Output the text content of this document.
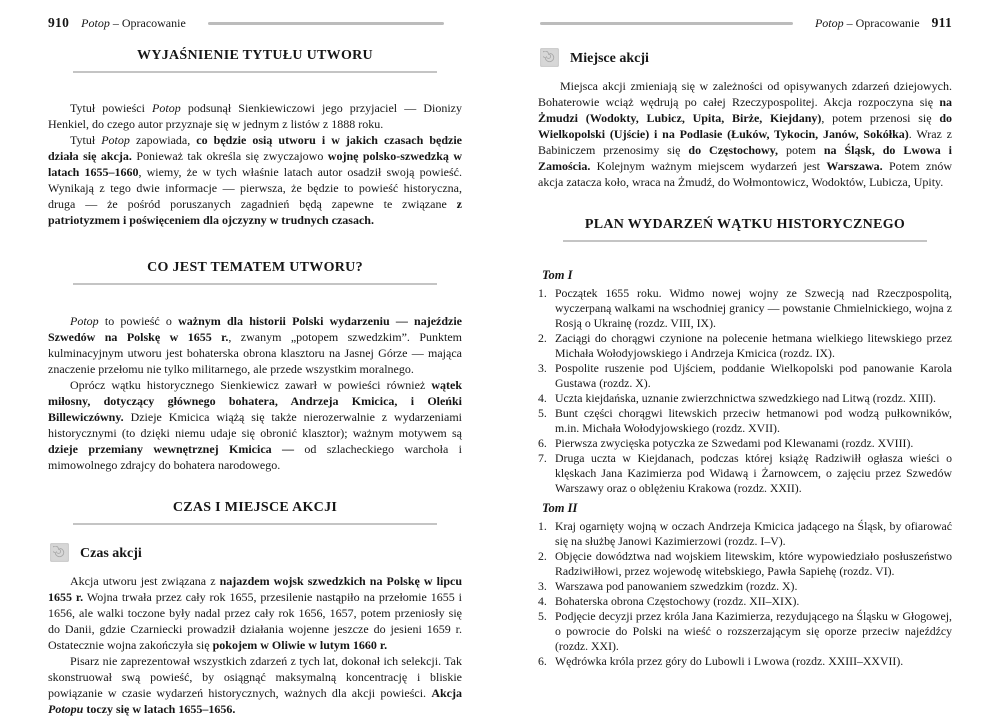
910 Potop – Opracowanie
WYJAŚNIENIE TYTUŁU UTWORU

Tytuł powieści Potop podsunął Sienkiewiczowi jego przyjaciel — Dionizy Henkiel, do czego autor przyznaje się w jednym z listów z 1888 roku.

Tytuł Potop zapowiada, co będzie osią utworu i w jakich czasach będzie działa się akcja. Ponieważ tak określa się zwyczajowo wojnę polsko-szwedzką w latach 1655–1660, wiemy, że w tych właśnie latach autor osadził swoją powieść. Wynikają z tego dwie informacje — pierwsza, że będzie to powieść historyczna, druga — że pośród poruszanych zagadnień będą zapewne te związane z patriotyzmem i poświęceniem dla ojczyzny w trudnych czasach.

CO JEST TEMATEM UTWORU?

Potop to powieść o ważnym dla historii Polski wydarzeniu — najeździe Szwedów na Polskę w 1655 r., zwanym „potopem szwedzkim”. Punktem kulminacyjnym utworu jest bohaterska obrona klasztoru na Jasnej Górze — mająca znaczenie przełomu nie tylko militarnego, ale przede wszystkim moralnego.

Oprócz wątku historycznego Sienkiewicz zawarł w powieści również wątek miłosny, dotyczący głównego bohatera, Andrzeja Kmicica, i Oleńki Billewiczówny. Dzieje Kmicica wiążą się także nierozerwalnie z wydarzeniami historycznymi (to dzięki niemu udaje się obronić klasztor); ważnym motywem są dzieje przemiany wewnętrznej Kmicica — od szlacheckiego warchoła i mimowolnego zdrajcy do bohatera narodowego.

CZAS I MIEJSCE AKCJI
Czas akcji

Akcja utworu jest związana z najazdem wojsk szwedzkich na Polskę w lipcu 1655 r. Wojna trwała przez cały rok 1655, przesilenie nastąpiło na przełomie 1655 i 1656, ale walki toczone były nadal przez cały rok 1656, 1657, potem przeniosły się do Danii, gdzie Czarniecki prowadził działania wojenne jeszcze do jesieni 1659 r. Ostatecznie wojna zakończyła się pokojem w Oliwie w lutym 1660 r.

Pisarz nie zaprezentował wszystkich zdarzeń z tych lat, dokonał ich selekcji. Tak skonstruował swą powieść, by osiągnąć maksymalną koncentrację i bliskie powiązanie w czasie wydarzeń historycznych, ważnych dla akcji powieści. Akcja Potopu toczy się w latach 1655–1656.

Potop – Opracowanie 911
Miejsce akcji

Miejsca akcji zmieniają się w zależności od opisywanych zdarzeń dziejowych. Bohaterowie wciąż wędrują po całej Rzeczypospolitej. Akcja rozpoczyna się na Żmudzi (Wodokty, Lubicz, Upita, Birże, Kiejdany), potem przenosi się do Wielkopolski (Ujście) i na Podlasie (Łuków, Tykocin, Janów, Sokółka). Wraz z Babiniczem przenosimy się do Częstochowy, potem na Śląsk, do Lwowa i Zamościa. Kolejnym ważnym miejscem wydarzeń jest Warszawa. Potem znów akcja zatacza koło, wraca na Żmudź, do Wołmontowicz, Wodoktów, Lubicza, Upity.

PLAN WYDARZEŃ WĄTKU HISTORYCZNEGO
Tom I
1. Początek 1655 roku. Widmo nowej wojny ze Szwecją nad Rzeczpospolitą, wyczerpaną walkami na wschodniej granicy — powstanie Chmielnickiego, wojna z Rosją o Ukrainę (rozdz. VIII, IX).
2. Zaciągi do chorągwi czynione na polecenie hetmana wielkiego litewskiego przez Michała Wołodyjowskiego i Andrzeja Kmicica (rozdz. IX).
3. Pospolite ruszenie pod Ujściem, poddanie Wielkopolski pod panowanie Karola Gustawa (rozdz. X).
4. Uczta kiejdańska, uznanie zwierzchnictwa szwedzkiego nad Litwą (rozdz. XIII).
5. Bunt części chorągwi litewskich przeciw hetmanowi pod wodzą pułkowników, m.in. Michała Wołodyjowskiego (rozdz. XVII).
6. Pierwsza zwycięska potyczka ze Szwedami pod Klewanami (rozdz. XVIII).
7. Druga uczta w Kiejdanach, podczas której książę Radziwiłł ogłasza wieści o klęskach Jana Kazimierza pod Widawą i Żarnowcem, o zajęciu przez Szwedów Warszawy oraz o oblężeniu Krakowa (rozdz. XXII).
Tom II
1. Kraj ogarnięty wojną w oczach Andrzeja Kmicica jadącego na Śląsk, by ofiarować się na służbę Janowi Kazimierzowi (rozdz. I–V).
2. Objęcie dowództwa nad wojskiem litewskim, które wypowiedziało posłuszeństwo Radziwiłłowi, przez wojewodę witebskiego, Pawła Sapiehę (rozdz. VI).
3. Warszawa pod panowaniem szwedzkim (rozdz. X).
4. Bohaterska obrona Częstochowy (rozdz. XII–XIX).
5. Podjęcie decyzji przez króla Jana Kazimierza, rezydującego na Śląsku w Głogowej, o powrocie do Polski na wieść o rozszerzającym się oporze przeciw najeźdźcy (rozdz. XXI).
6. Wędrówka króla przez góry do Lubowli i Lwowa (rozdz. XXIII–XXVII).
